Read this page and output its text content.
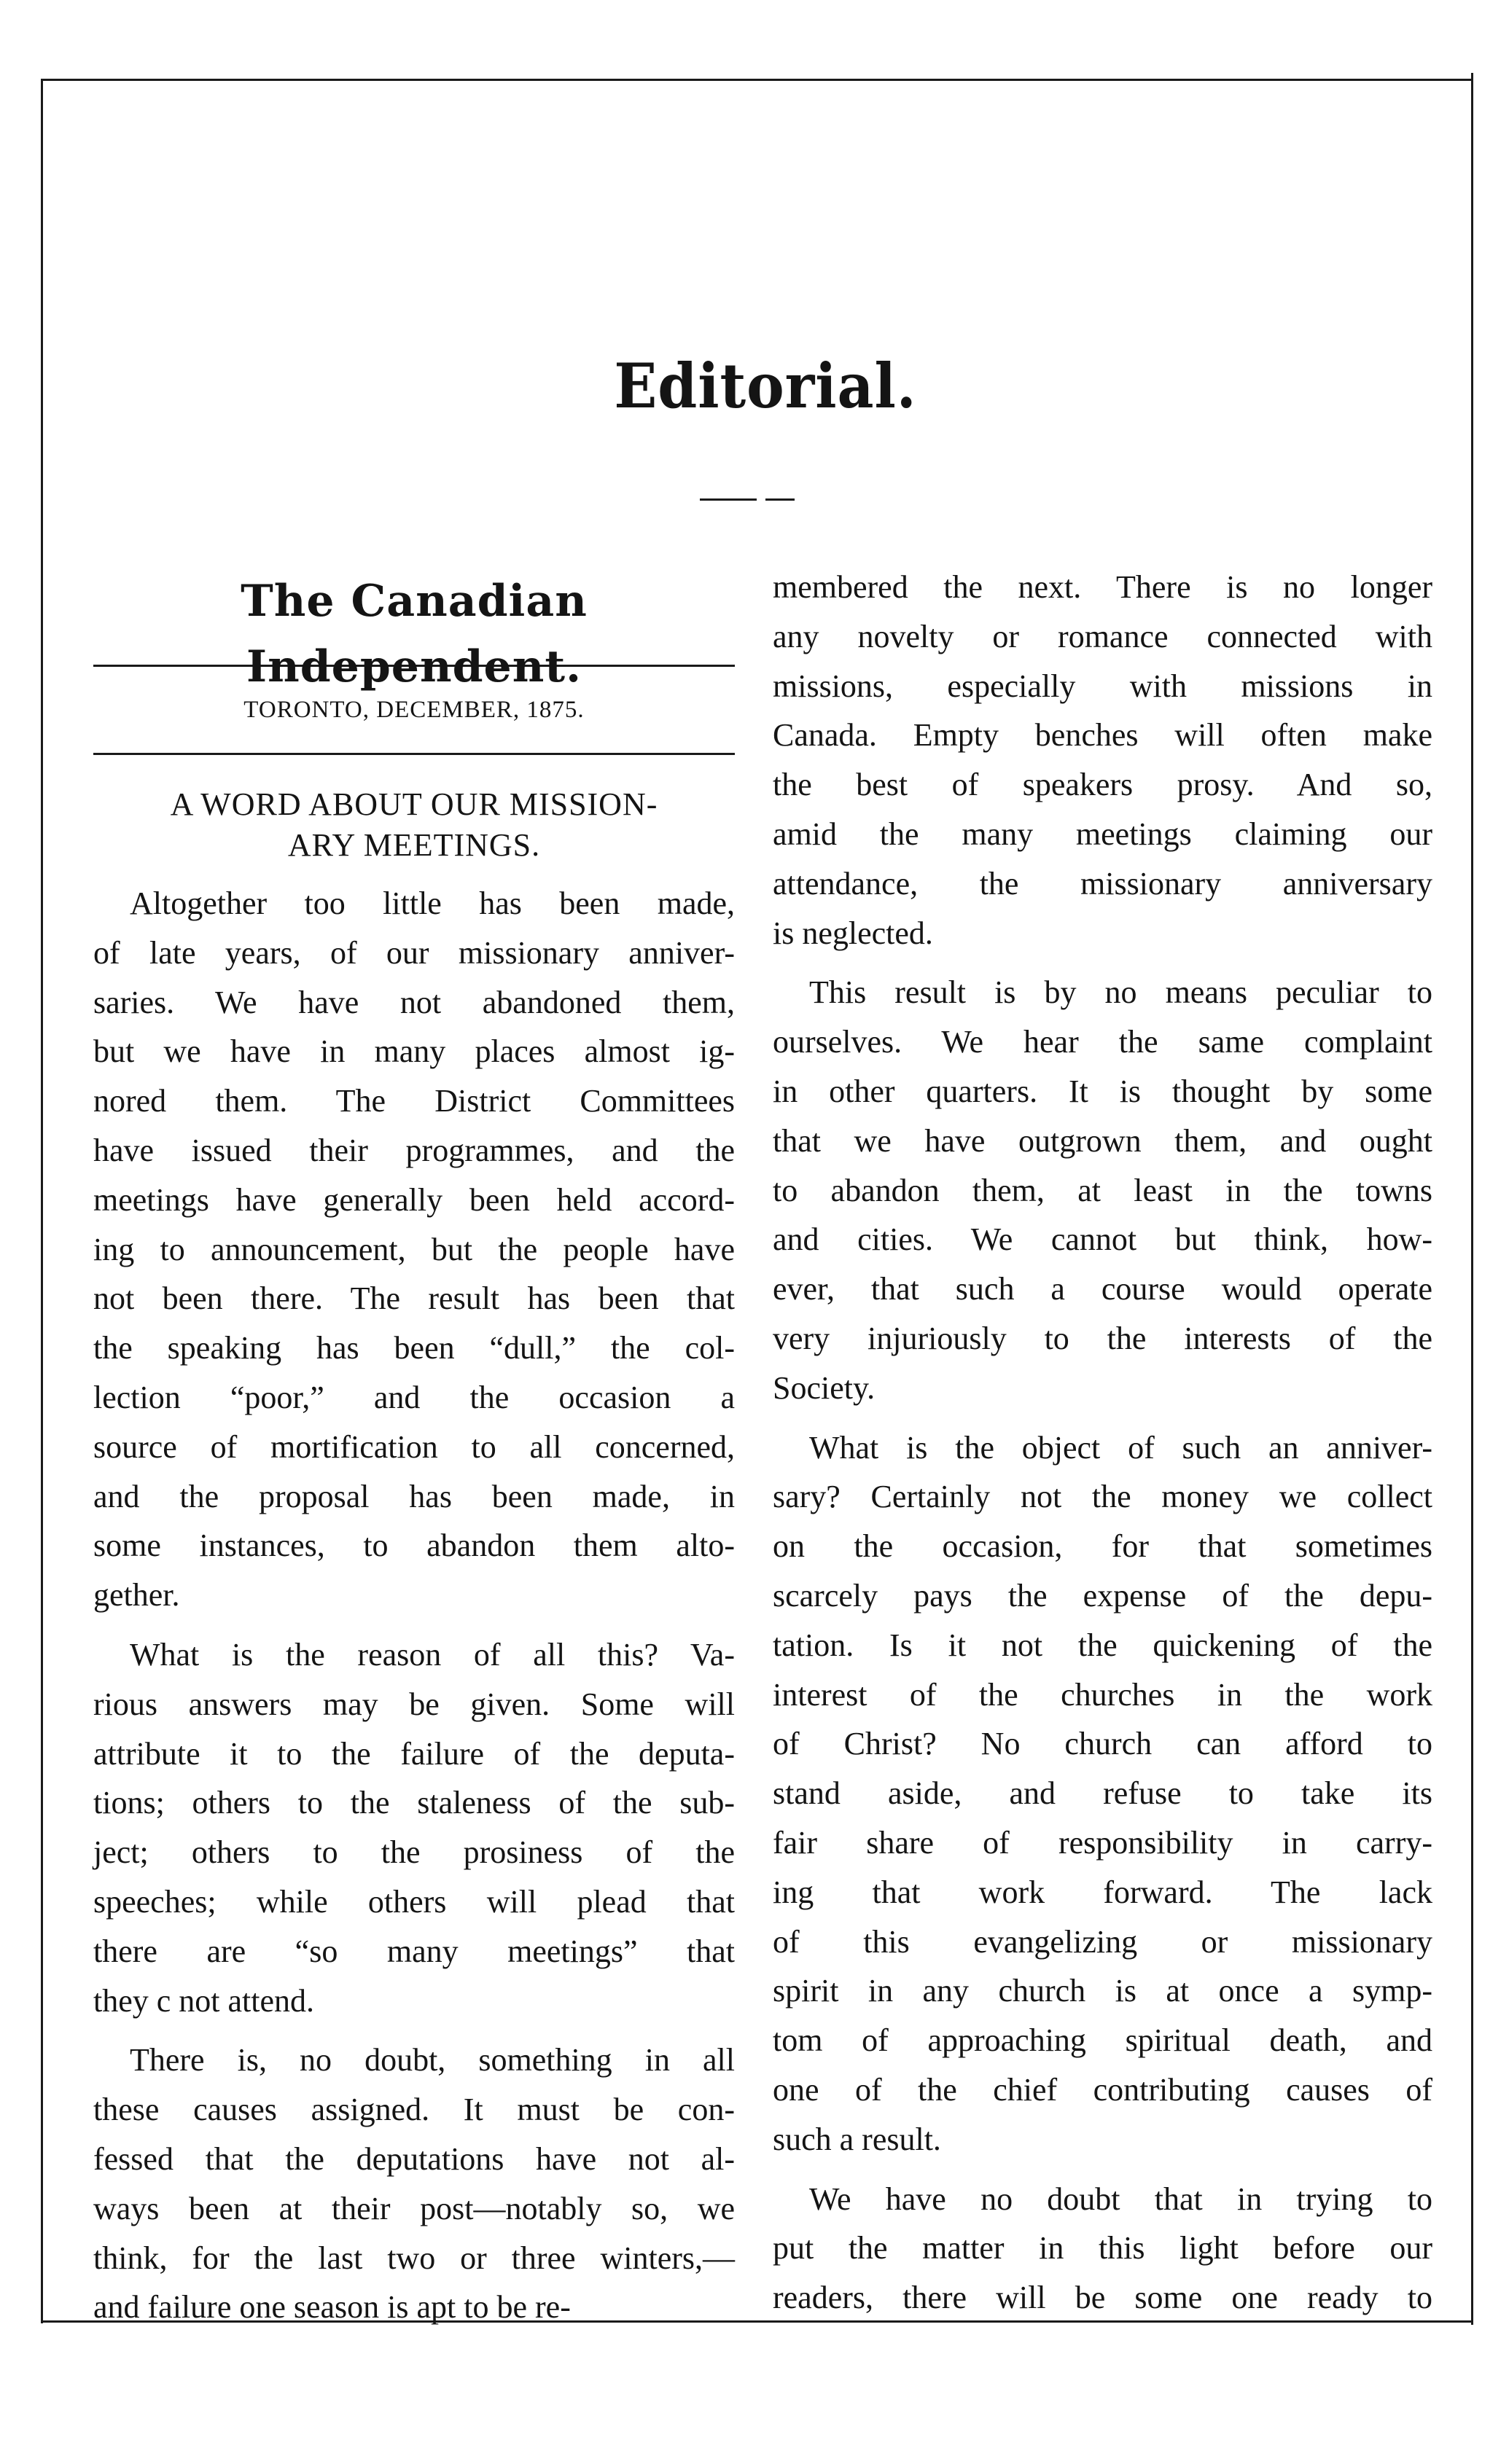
Editorial.
The Canadian Independent.
TORONTO, DECEMBER, 1875.
A WORD ABOUT OUR MISSION-
ARY MEETINGS.
Altogether too little has been made,
of late years, of our missionary anniver-
saries. We have not abandoned them,
but we have in many places almost ig-
nored them. The District Committees
have issued their programmes, and the
meetings have generally been held accord-
ing to announcement, but the people have
not been there. The result has been that
the speaking has been “dull,” the col-
lection “poor,” and the occasion a
source of mortification to all concerned,
and the proposal has been made, in
some instances, to abandon them alto-
gether.
What is the reason of all this? Va-
rious answers may be given. Some will
attribute it to the failure of the deputa-
tions; others to the staleness of the sub-
ject; others to the prosiness of the
speeches; while others will plead that
there are “so many meetings” that
they c not attend.
There is, no doubt, something in all
these causes assigned. It must be con-
fessed that the deputations have not al-
ways been at their post—notably so, we
think, for the last two or three winters,—
and failure one season is apt to be re-
membered the next. There is no longer
any novelty or romance connected with
missions, especially with missions in
Canada. Empty benches will often make
the best of speakers prosy. And so,
amid the many meetings claiming our
attendance, the missionary anniversary
is neglected.
This result is by no means peculiar to
ourselves. We hear the same complaint
in other quarters. It is thought by some
that we have outgrown them, and ought
to abandon them, at least in the towns
and cities. We cannot but think, how-
ever, that such a course would operate
very injuriously to the interests of the
Society.
What is the object of such an anniver-
sary? Certainly not the money we collect
on the occasion, for that sometimes
scarcely pays the expense of the depu-
tation. Is it not the quickening of the
interest of the churches in the work
of Christ? No church can afford to
stand aside, and refuse to take its
fair share of responsibility in carry-
ing that work forward. The lack
of this evangelizing or missionary
spirit in any church is at once a symp-
tom of approaching spiritual death, and
one of the chief contributing causes of
such a result.
We have no doubt that in trying to
put the matter in this light before our
readers, there will be some one ready to
